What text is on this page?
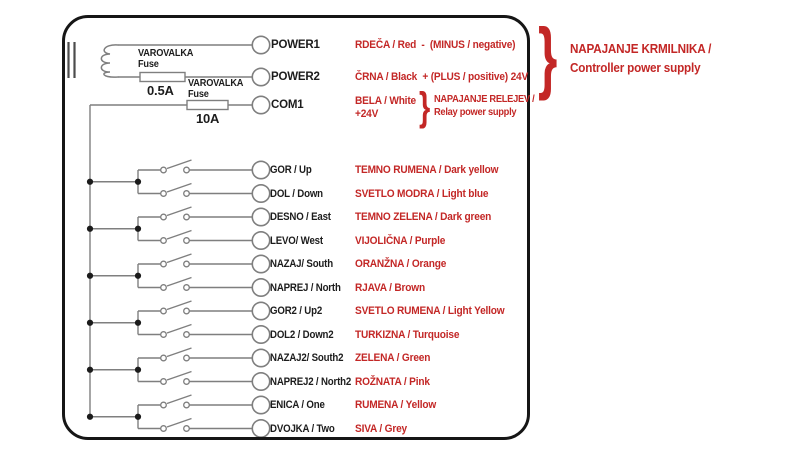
VAROVALKA
Fuse
0.5A VAROVALKA
Fuse
10A
POWER1
POWER2
COM1
RDEČA / Red  -  (MINUS / negative)
ČRNA / Black  + (PLUS / positive) 24V
BELA / White
+24V	} NAPAJANJE RELEJEV /
Relay power supply
} NAPAJANJE KRMILNIKA /
Controller power supply
GOR / Up
DOL / Down
DESNO / East
LEVO/ West
NAZAJ/ South
NAPREJ / North
GOR2 / Up2
DOL2 / Down2
NAZAJ2/ South2
NAPREJ2 / North2
ENICA / One
DVOJKA / Two
TEMNO RUMENA / Dark yellow
SVETLO MODRA / Light blue
TEMNO ZELENA / Dark green
VIJOLIČNA / Purple
ORANŽNA / Orange
RJAVA / Brown
SVETLO RUMENA / Light Yellow
TURKIZNA / Turquoise
ZELENA / Green
ROŽNATA / Pink
RUMENA / Yellow
SIVA / Grey
